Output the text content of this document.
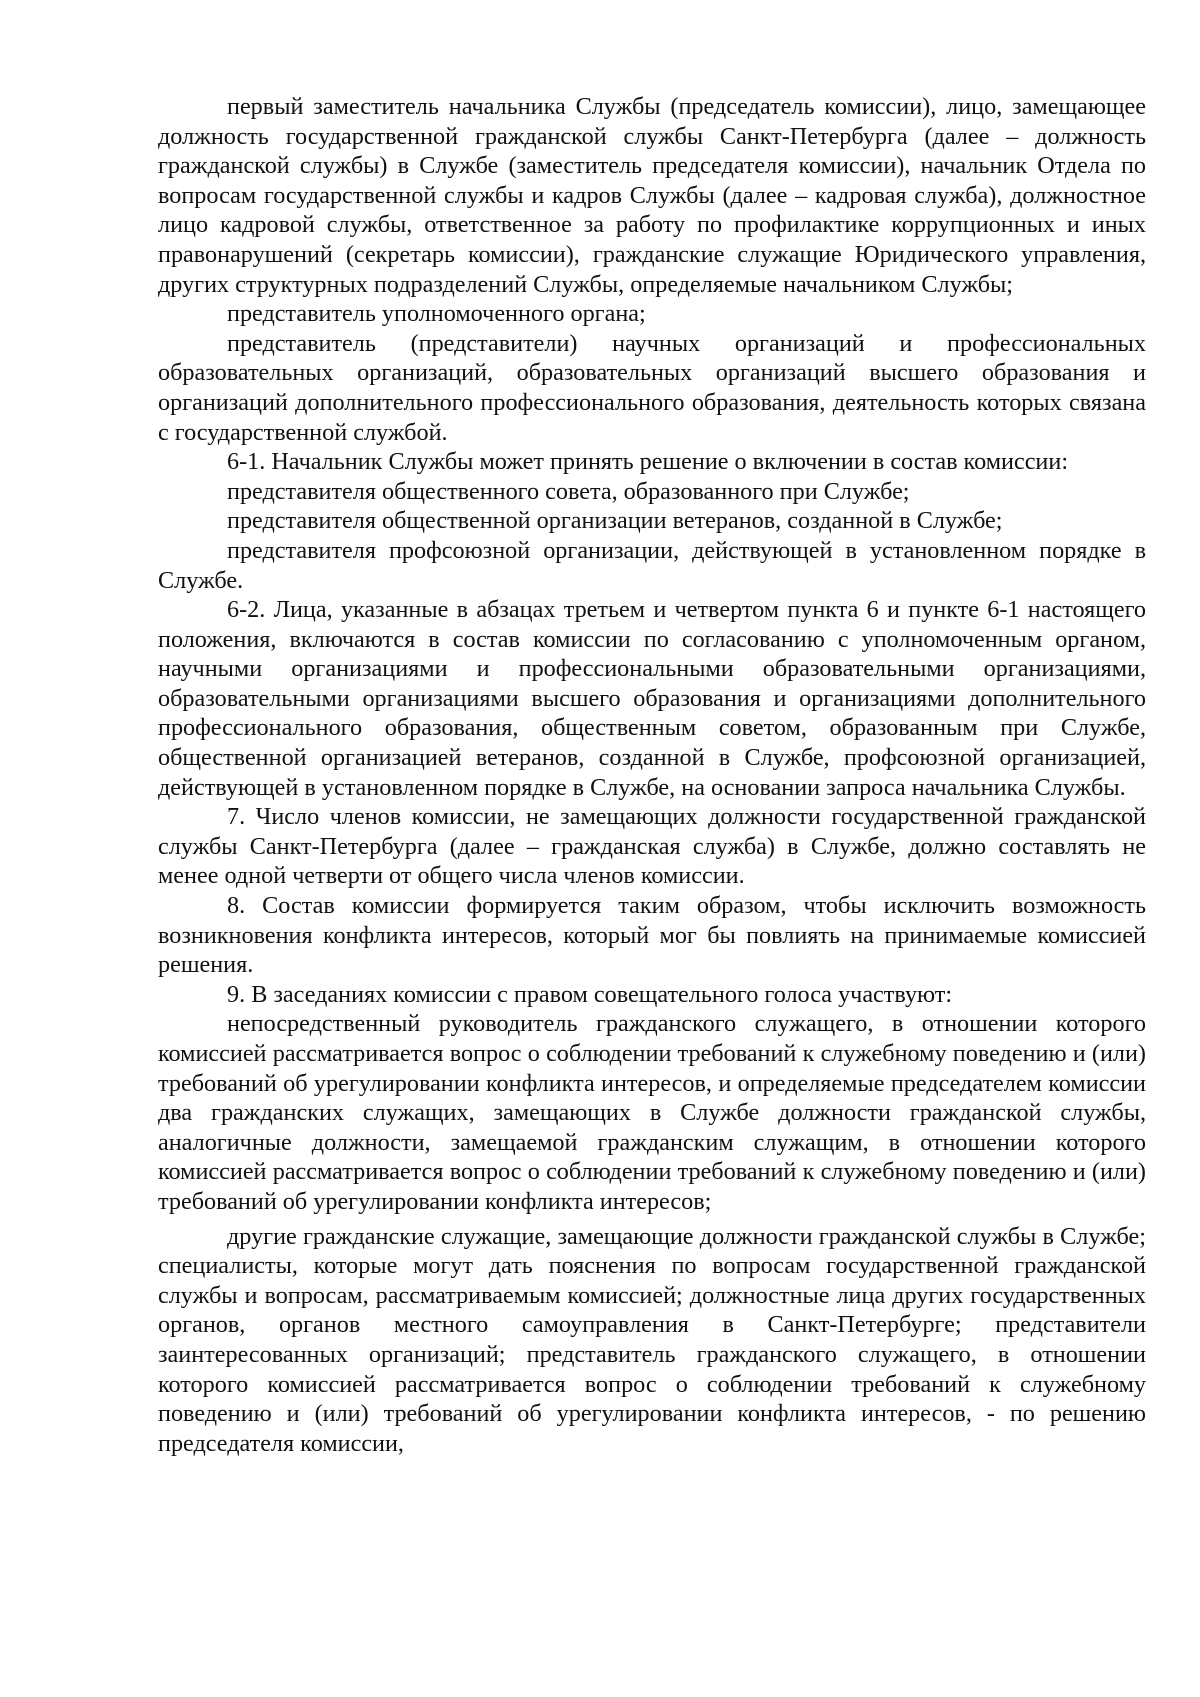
первый заместитель начальника Службы (председатель комиссии), лицо, замещающее должность государственной гражданской службы Санкт-Петербурга (далее – должность гражданской службы) в Службе (заместитель председателя комиссии), начальник Отдела по вопросам государственной службы и кадров Службы (далее – кадровая служба), должностное лицо кадровой службы, ответственное за работу по профилактике коррупционных и иных правонарушений (секретарь комиссии), гражданские служащие Юридического управления, других структурных подразделений Службы, определяемые начальником Службы;

представитель уполномоченного органа;

представитель (представители) научных организаций и профессиональных образовательных организаций, образовательных организаций высшего образования и организаций дополнительного профессионального образования, деятельность которых связана с государственной службой.

6-1. Начальник Службы может принять решение о включении в состав комиссии:

представителя общественного совета, образованного при Службе;

представителя общественной организации ветеранов, созданной в Службе;

представителя профсоюзной организации, действующей в установленном порядке в Службе.

6-2. Лица, указанные в абзацах третьем и четвертом пункта 6 и пункте 6-1 настоящего положения, включаются в состав комиссии по согласованию с уполномоченным органом, научными организациями и профессиональными образовательными организациями, образовательными организациями высшего образования и организациями дополнительного профессионального образования, общественным советом, образованным при Службе, общественной организацией ветеранов, созданной в Службе, профсоюзной организацией, действующей в установленном порядке в Службе, на основании запроса начальника Службы.

7. Число членов комиссии, не замещающих должности государственной гражданской службы Санкт-Петербурга (далее – гражданская служба) в Службе, должно составлять не менее одной четверти от общего числа членов комиссии.

8. Состав комиссии формируется таким образом, чтобы исключить возможность возникновения конфликта интересов, который мог бы повлиять на принимаемые комиссией решения.

9. В заседаниях комиссии с правом совещательного голоса участвуют:

непосредственный руководитель гражданского служащего, в отношении которого комиссией рассматривается вопрос о соблюдении требований к служебному поведению и (или) требований об урегулировании конфликта интересов, и определяемые председателем комиссии два гражданских служащих, замещающих в Службе должности гражданской службы, аналогичные должности, замещаемой гражданским служащим, в отношении которого комиссией рассматривается вопрос о соблюдении требований к служебному поведению и (или) требований об урегулировании конфликта интересов;

другие гражданские служащие, замещающие должности гражданской службы в Службе; специалисты, которые могут дать пояснения по вопросам государственной гражданской службы и вопросам, рассматриваемым комиссией; должностные лица других государственных органов, органов местного самоуправления в Санкт-Петербурге; представители заинтересованных организаций; представитель гражданского служащего, в отношении которого комиссией рассматривается вопрос о соблюдении требований к служебному поведению и (или) требований об урегулировании конфликта интересов, - по решению председателя комиссии,
